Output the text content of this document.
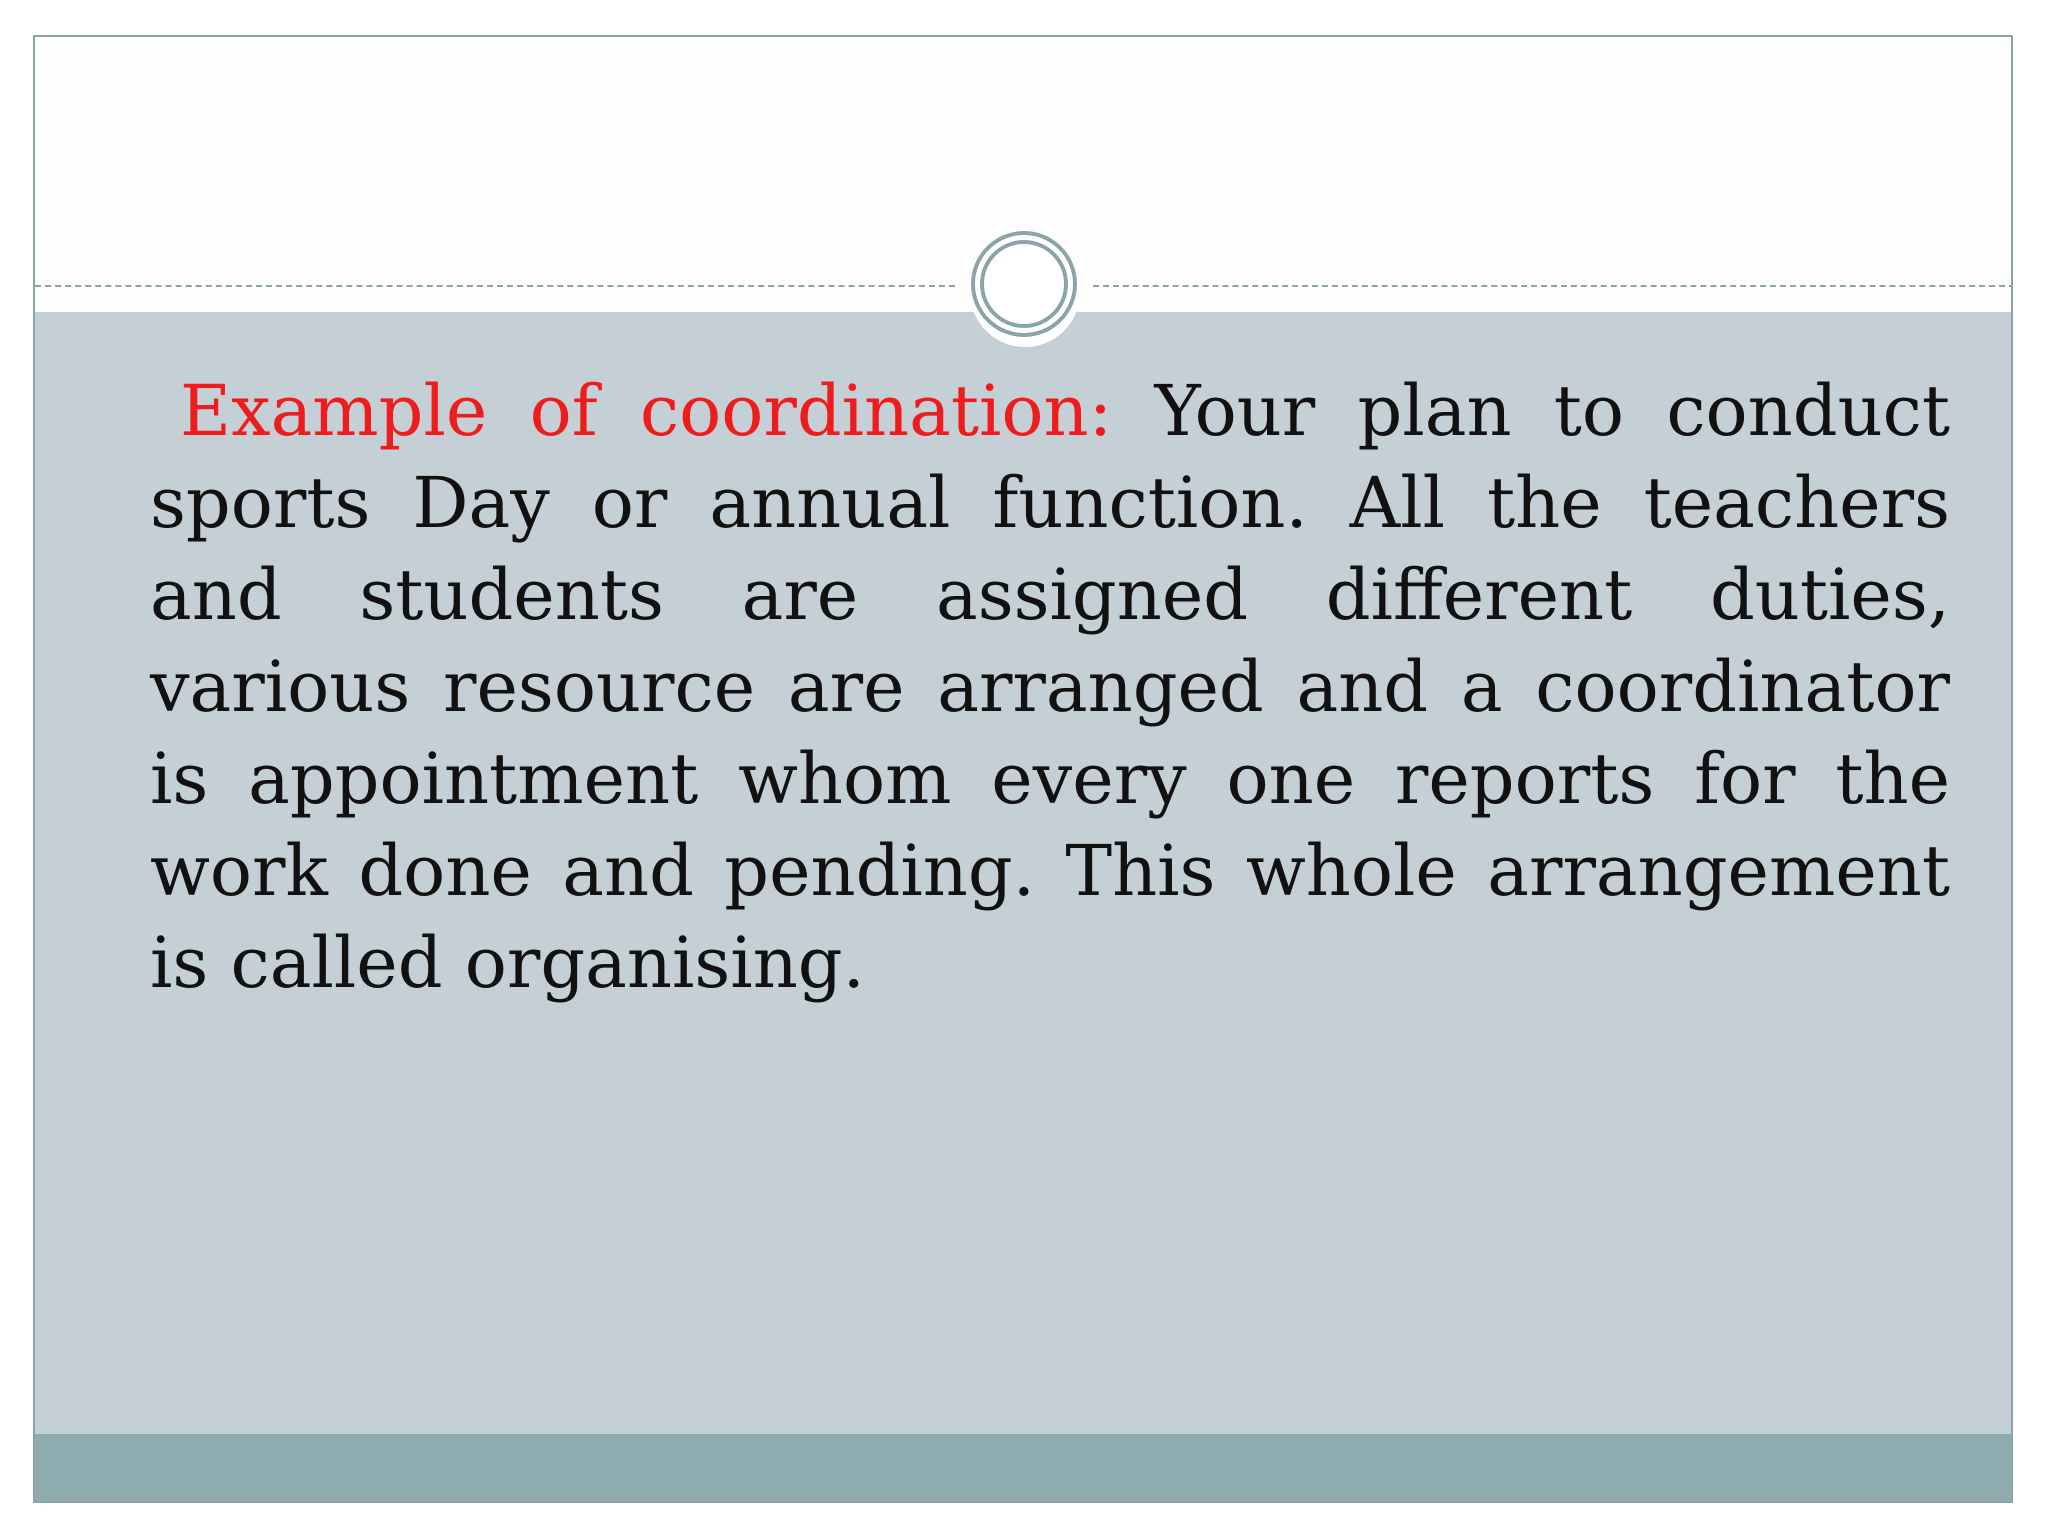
Example of coordination: Your plan to conduct sports Day or annual function. All the teachers and students are assigned different duties, various resource are arranged and a coordinator is appointment whom every one reports for the work done and pending. This whole arrangement is called organising.
